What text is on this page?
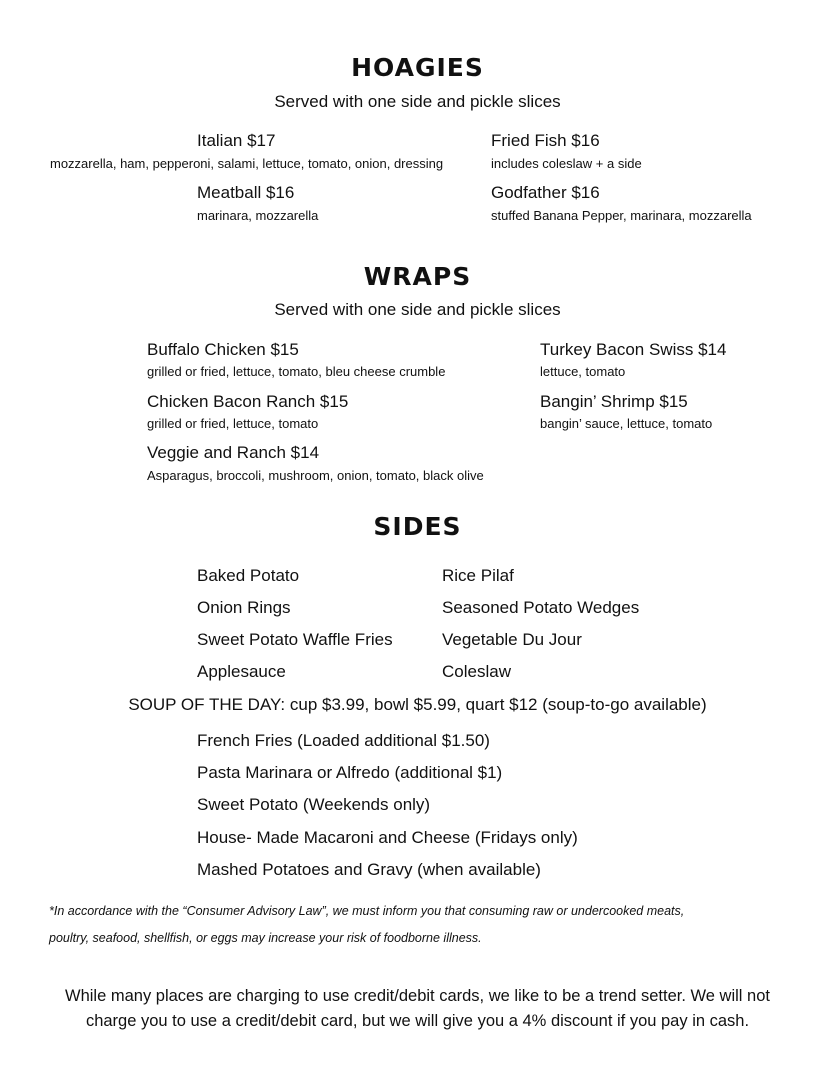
HOAGIES
Served with one side and pickle slices
Italian $17
mozzarella, ham, pepperoni, salami, lettuce, tomato, onion, dressing
Fried Fish $16
includes coleslaw + a side
Meatball $16
marinara, mozzarella
Godfather $16
stuffed Banana Pepper, marinara, mozzarella
WRAPS
Served with one side and pickle slices
Buffalo Chicken $15
grilled or fried, lettuce, tomato, bleu cheese crumble
Turkey Bacon Swiss $14
lettuce, tomato
Chicken Bacon Ranch $15
grilled or fried, lettuce, tomato
Bangin’ Shrimp $15
bangin’ sauce, lettuce, tomato
Veggie and Ranch $14
Asparagus, broccoli, mushroom, onion, tomato, black olive
SIDES
Baked Potato
Onion Rings
Sweet Potato Waffle Fries
Applesauce
Rice Pilaf
Seasoned Potato Wedges
Vegetable Du Jour
Coleslaw
SOUP OF THE DAY: cup $3.99, bowl $5.99, quart $12 (soup-to-go available)
French Fries (Loaded additional $1.50)
Pasta Marinara or Alfredo (additional $1)
Sweet Potato (Weekends only)
House- Made Macaroni and Cheese (Fridays only)
Mashed Potatoes and Gravy (when available)
*In accordance with the “Consumer Advisory Law”, we must inform you that consuming raw or undercooked meats,
poultry, seafood, shellfish, or eggs may increase your risk of foodborne illness.
While many places are charging to use credit/debit cards, we like to be a trend setter. We will not charge you to use a credit/debit card, but we will give you a 4% discount if you pay in cash.
